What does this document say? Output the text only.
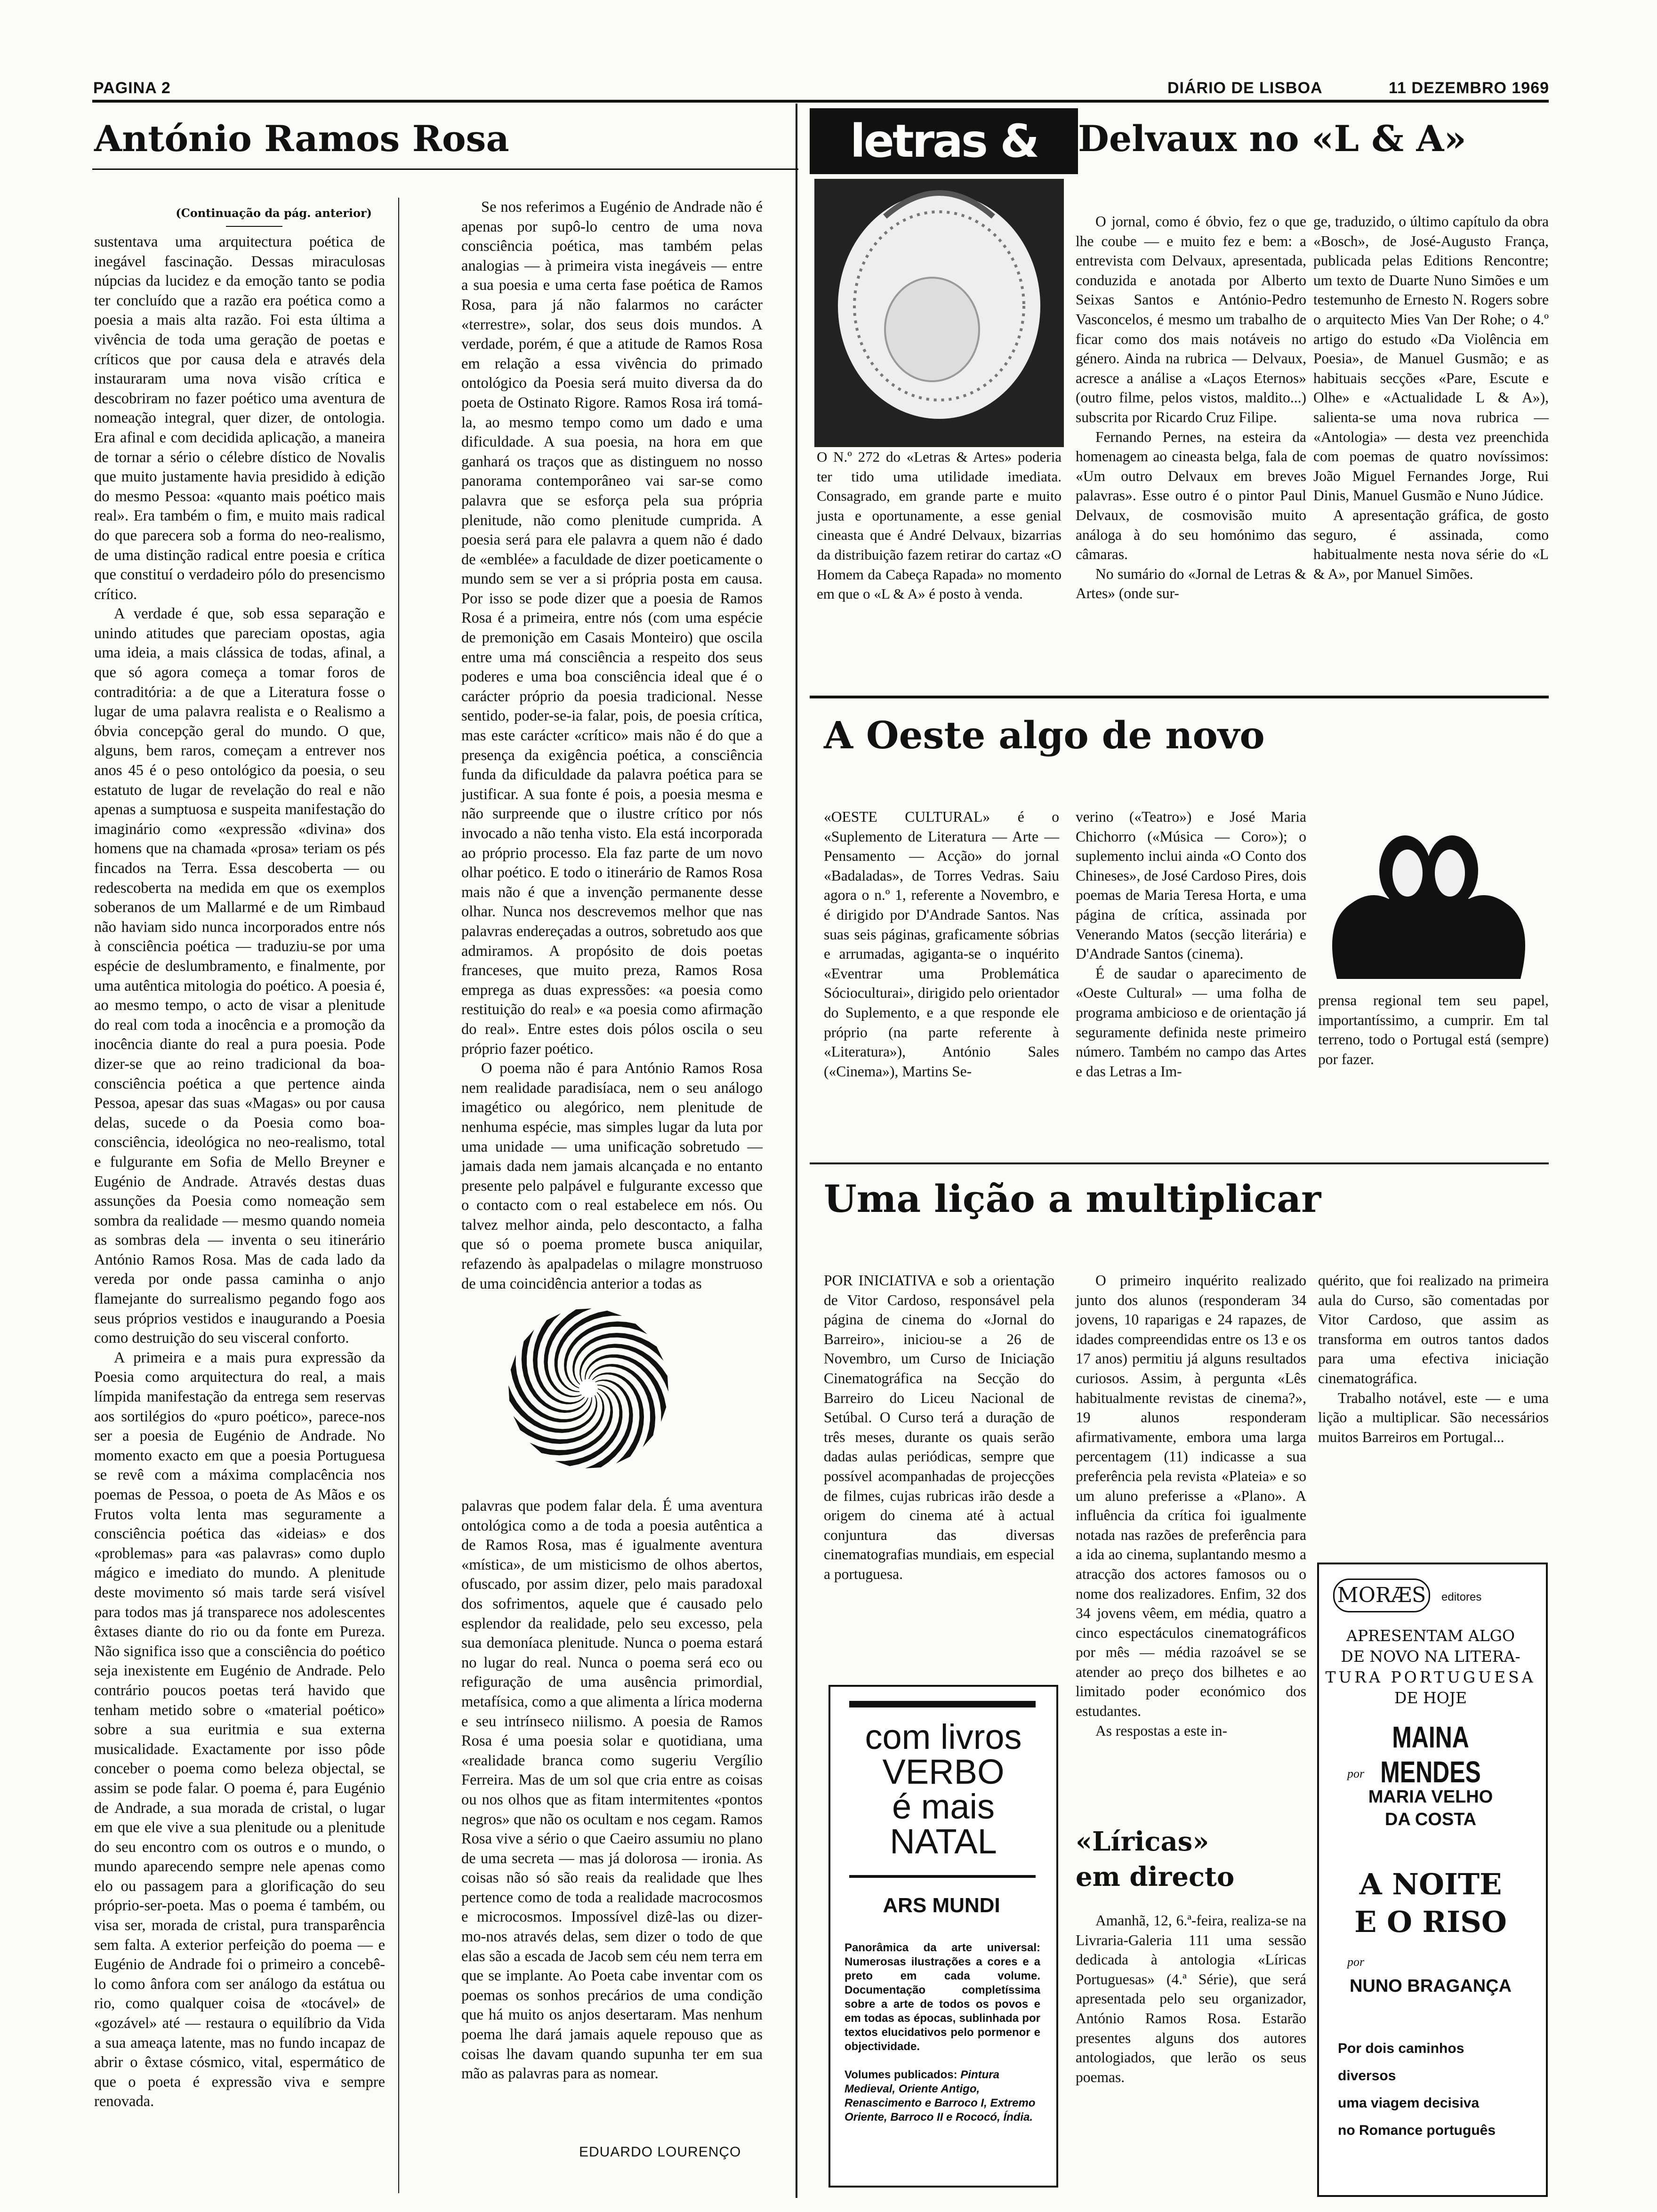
PAGINA 2	DIÁRIO DE LISBOA	11 DEZEMBRO 1969
António Ramos Rosa
(Continuação da pág. anterior)

sustentava uma arquitectura poética de inegável fascinação. Dessas miraculosas núpcias da lucidez e da emoção tanto se podia ter concluído que a razão era poética como a poesia a mais alta razão. Foi esta última a vivência de toda uma geração de poetas e críticos que por causa dela e através dela instauraram uma nova visão crítica e descobriram no fazer poético uma aventura de nomeação integral, quer dizer, de ontologia. Era afinal e com decidida aplicação, a maneira de tornar a sério o célebre dístico de Novalis que muito justamente havia presidido à edição do mesmo Pessoa: «quanto mais poético mais real». Era também o fim, e muito mais radical do que parecera sob a forma do neo-realismo, de uma distinção radical entre poesia e crítica que constituí o verdadeiro pólo do presencismo crítico.

A verdade é que, sob essa separação e unindo atitudes que pareciam opostas, agia uma ideia, a mais clássica de todas, afinal, a que só agora começa a tomar foros de contraditória: a de que a Literatura fosse o lugar de uma palavra realista e o Realismo a óbvia concepção geral do mundo. O que, alguns, bem raros, começam a entrever nos anos 45 é o peso ontológico da poesia, o seu estatuto de lugar de revelação do real e não apenas a sumptuosa e suspeita manifestação do imaginário como «expressão «divina» dos homens que na chamada «prosa» teriam os pés fincados na Terra. Essa descoberta — ou redescoberta na medida em que os exemplos soberanos de um Mallarmé e de um Rimbaud não haviam sido nunca incorporados entre nós à consciência poética — traduziu-se por uma espécie de deslumbramento, e finalmente, por uma autêntica mitologia do poético. A poesia é, ao mesmo tempo, o acto de visar a plenitude do real com toda a inocência e a promoção da inocência diante do real a pura poesia. Pode dizer-se que ao reino tradicional da boa-consciência poética a que pertence ainda Pessoa, apesar das suas «Magas» ou por causa delas, sucede o da Poesia como boa-consciência, ideológica no neo-realismo, total e fulgurante em Sofia de Mello Breyner e Eugénio de Andrade. Através destas duas assunções da Poesia como nomeação sem sombra da realidade — mesmo quando nomeia as sombras dela — inventa o seu itinerário António Ramos Rosa. Mas de cada lado da vereda por onde passa caminha o anjo flamejante do surrealismo pegando fogo aos seus próprios vestidos e inaugurando a Poesia como destruição do seu visceral conforto.

A primeira e a mais pura expressão da Poesia como arquitectura do real, a mais límpida manifestação da entrega sem reservas aos sortilégios do «puro poético», parece-nos ser a poesia de Eugénio de Andrade. No momento exacto em que a poesia Portuguesa se revê com a máxima complacência nos poemas de Pessoa, o poeta de As Mãos e os Frutos volta lenta mas seguramente a consciência poética das «ideias» e dos «problemas» para «as palavras» como duplo mágico e imediato do mundo. A plenitude deste movimento só mais tarde será visível para todos mas já transparece nos adolescentes êxtases diante do rio ou da fonte em Pureza. Não significa isso que a consciência do poético seja inexistente em Eugénio de Andrade. Pelo contrário poucos poetas terá havido que tenham metido sobre o «material poético» sobre a sua euritmia e sua externa musicalidade. Exactamente por isso pôde conceber o poema como beleza objectal, se assim se pode falar. O poema é, para Eugénio de Andrade, a sua morada de cristal, o lugar em que ele vive a sua plenitude ou a plenitude do seu encontro com os outros e o mundo, o mundo aparecendo sempre nele apenas como elo ou passagem para a glorificação do seu próprio-ser-poeta. Mas o poema é também, ou visa ser, morada de cristal, pura transparência sem falta. A exterior perfeição do poema — e Eugénio de Andrade foi o primeiro a concebê-lo como ânfora com ser análogo da estátua ou rio, como qualquer coisa de «tocável» de «gozável» até — restaura o equilíbrio da Vida a sua ameaça latente, mas no fundo incapaz de abrir o êxtase cósmico, vital, espermático de que o poeta é expressão viva e sempre renovada.

Se nos referimos a Eugénio de Andrade não é apenas por supô-lo centro de uma nova consciência poética, mas também pelas analogias — à primeira vista inegáveis — entre a sua poesia e uma certa fase poética de Ramos Rosa, para já não falarmos no carácter «terrestre», solar, dos seus dois mundos. A verdade, porém, é que a atitude de Ramos Rosa em relação a essa vivência do primado ontológico da Poesia será muito diversa da do poeta de Ostinato Rigore. Ramos Rosa irá tomá-la, ao mesmo tempo como um dado e uma dificuldade. A sua poesia, na hora em que ganhará os traços que as distinguem no nosso panorama contemporâneo vai sar-se como palavra que se esforça pela sua própria plenitude, não como plenitude cumprida. A poesia será para ele palavra a quem não é dado de «emblée» a faculdade de dizer poeticamente o mundo sem se ver a si própria posta em causa. Por isso se pode dizer que a poesia de Ramos Rosa é a primeira, entre nós (com uma espécie de premonição em Casais Monteiro) que oscila entre uma má consciência a respeito dos seus poderes e uma boa consciência ideal que é o carácter próprio da poesia tradicional. Nesse sentido, poder-se-ia falar, pois, de poesia crítica, mas este carácter «crítico» mais não é do que a presença da exigência poética, a consciência funda da dificuldade da palavra poética para se justificar. A sua fonte é pois, a poesia mesma e não surpreende que o ilustre crítico por nós invocado a não tenha visto. Ela está incorporada ao próprio processo. Ela faz parte de um novo olhar poético. E todo o itinerário de Ramos Rosa mais não é que a invenção permanente desse olhar. Nunca nos descrevemos melhor que nas palavras endereçadas a outros, sobretudo aos que admiramos. A propósito de dois poetas franceses, que muito preza, Ramos Rosa emprega as duas expressões: «a poesia como restituição do real» e «a poesia como afirmação do real». Entre estes dois pólos oscila o seu próprio fazer poético.

O poema não é para António Ramos Rosa nem realidade paradisíaca, nem o seu análogo imagético ou alegórico, nem plenitude de nenhuma espécie, mas simples lugar da luta por uma unidade — uma unificação sobretudo — jamais dada nem jamais alcançada e no entanto presente pelo palpável e fulgurante excesso que o contacto com o real estabelece em nós. Ou talvez melhor ainda, pelo descontacto, a falha que só o poema promete busca aniquilar, refazendo às apalpadelas o milagre monstruoso de uma coincidência anterior a todas as

palavras que podem falar dela. É uma aventura ontológica como a de toda a poesia autêntica a de Ramos Rosa, mas é igualmente aventura «mística», de um misticismo de olhos abertos, ofuscado, por assim dizer, pelo mais paradoxal dos sofrimentos, aquele que é causado pelo esplendor da realidade, pelo seu excesso, pela sua demoníaca plenitude. Nunca o poema estará no lugar do real. Nunca o poema será eco ou refiguração de uma ausência primordial, metafísica, como a que alimenta a lírica moderna e seu intrínseco niilismo. A poesia de Ramos Rosa é uma poesia solar e quotidiana, uma «realidade branca como sugeriu Vergílio Ferreira. Mas de um sol que cria entre as coisas ou nos olhos que as fitam intermitentes «pontos negros» que não os ocultam e nos cegam. Ramos Rosa vive a sério o que Caeiro assumiu no plano de uma secreta — mas já dolorosa — ironia. As coisas não só são reais da realidade que lhes pertence como de toda a realidade macrocosmos e microcosmos. Impossível dizê-las ou dizer-mo-nos através delas, sem dizer o todo de que elas são a escada de Jacob sem céu nem terra em que se implante. Ao Poeta cabe inventar com os poemas os sonhos precários de uma condição que há muito os anjos desertaram. Mas nenhum poema lhe dará jamais aquele repouso que as coisas lhe davam quando supunha ter em sua mão as palavras para as nomear.

EDUARDO LOURENÇO
letras &	Delvaux no «L & A»

O N.º 272 do «Letras & Artes» poderia ter tido uma utilidade imediata. Consagrado, em grande parte e muito justa e oportunamente, a esse genial cineasta que é André Delvaux, bizarrias da distribuição fazem retirar do cartaz «O Homem da Cabeça Rapada» no momento em que o «L & A» é posto à venda.

O jornal, como é óbvio, fez o que lhe coube — e muito fez e bem: a entrevista com Delvaux, apresentada, conduzida e anotada por Alberto Seixas Santos e António-Pedro Vasconcelos, é mesmo um trabalho de ficar como dos mais notáveis no género. Ainda na rubrica — Delvaux, acresce a análise a «Laços Eternos» (outro filme, pelos vistos, maldito...) subscrita por Ricardo Cruz Filipe.

Fernando Pernes, na esteira da homenagem ao cineasta belga, fala de «Um outro Delvaux em breves palavras». Esse outro é o pintor Paul Delvaux, de cosmovisão muito análoga à do seu homónimo das câmaras.

No sumário do «Jornal de Letras & Artes» (onde sur-

ge, traduzido, o último capítulo da obra «Bosch», de José-Augusto França, publicada pelas Editions Rencontre; um texto de Duarte Nuno Simões e um testemunho de Ernesto N. Rogers sobre o arquitecto Mies Van Der Rohe; o 4.º artigo do estudo «Da Violência em Poesia», de Manuel Gusmão; e as habituais secções «Pare, Escute e Olhe» e «Actualidade L & A»), salienta-se uma nova rubrica — «Antologia» — desta vez preenchida com poemas de quatro novíssimos: João Miguel Fernandes Jorge, Rui Dinis, Manuel Gusmão e Nuno Júdice.

A apresentação gráfica, de gosto seguro, é assinada, como habitualmente nesta nova série do «L & A», por Manuel Simões.

A Oeste algo de novo

«OESTE CULTURAL» é o «Suplemento de Literatura — Arte — Pensamento — Acção» do jornal «Badaladas», de Torres Vedras. Saiu agora o n.º 1, referente a Novembro, e é dirigido por D'Andrade Santos. Nas suas seis páginas, graficamente sóbrias e arrumadas, agiganta-se o inquérito «Eventrar uma Problemática Sócioculturai», dirigido pelo orientador do Suplemento, e a que responde ele próprio (na parte referente à «Literatura»), António Sales («Cinema»), Martins Se-

verino («Teatro») e José Maria Chichorro («Música — Coro»); o suplemento inclui ainda «O Conto dos Chineses», de José Cardoso Pires, dois poemas de Maria Teresa Horta, e uma página de crítica, assinada por Venerando Matos (secção literária) e D'Andrade Santos (cinema).

É de saudar o aparecimento de «Oeste Cultural» — uma folha de programa ambicioso e de orientação já seguramente definida neste primeiro número. Também no campo das Artes e das Letras a Im-

prensa regional tem seu papel, importantíssimo, a cumprir. Em tal terreno, todo o Portugal está (sempre) por fazer.

Uma lição a multiplicar

POR INICIATIVA e sob a orientação de Vitor Cardoso, responsável pela página de cinema do «Jornal do Barreiro», iniciou-se a 26 de Novembro, um Curso de Iniciação Cinematográfica na Secção do Barreiro do Liceu Nacional de Setúbal. O Curso terá a duração de três meses, durante os quais serão dadas aulas periódicas, sempre que possível acompanhadas de projecções de filmes, cujas rubricas irão desde a origem do cinema até à actual conjuntura das diversas cinematografias mundiais, em especial a portuguesa.

O primeiro inquérito realizado junto dos alunos (responderam 34 jovens, 10 raparigas e 24 rapazes, de idades compreendidas entre os 13 e os 17 anos) permitiu já alguns resultados curiosos. Assim, à pergunta «Lês habitualmente revistas de cinema?», 19 alunos responderam afirmativamente, embora uma larga percentagem (11) indicasse a sua preferência pela revista «Plateia» e so um aluno preferisse a «Plano». A influência da crítica foi igualmente notada nas razões de preferência para a ida ao cinema, suplantando mesmo a atracção dos actores famosos ou o nome dos realizadores. Enfim, 32 dos 34 jovens vêem, em média, quatro a cinco espectáculos cinematográficos por mês — média razoável se se atender ao preço dos bilhetes e ao limitado poder económico dos estudantes.

As respostas a este in-

quérito, que foi realizado na primeira aula do Curso, são comentadas por Vitor Cardoso, que assim as transforma em outros tantos dados para uma efectiva iniciação cinematográfica.

Trabalho notável, este — e uma lição a multiplicar. São necessários muitos Barreiros em Portugal...

com livros
VERBO
é mais
NATAL
ARS MUNDI
Panorâmica da arte universal: Numerosas ilustrações a cores e a preto em cada volume. Documentação completíssima sobre a arte de todos os povos e em todas as épocas, sublinhada por textos elucidativos pelo pormenor e objectividade.
Volumes publicados: Pintura Medieval, Oriente Antigo, Renascimento e Barroco I, Extremo Oriente, Barroco II e Rococó, Índia.
«Líricas»
em directo

Amanhã, 12, 6.ª-feira, realiza-se na Livraria-Galeria 111 uma sessão dedicada à antologia «Líricas Portuguesas» (4.ª Série), que será apresentada pelo seu organizador, António Ramos Rosa. Estarão presentes alguns dos autores antologiados, que lerão os seus poemas.

MORÆS	editores
APRESENTAM ALGO
DE NOVO NA LITERA-
TURA PORTUGUESA
DE HOJE
MAINA MENDES
por
MARIA VELHO
DA COSTA
A NOITE
E O RISO
por
NUNO BRAGANÇA
Por dois caminhos
diversos
uma viagem decisiva
no Romance português
